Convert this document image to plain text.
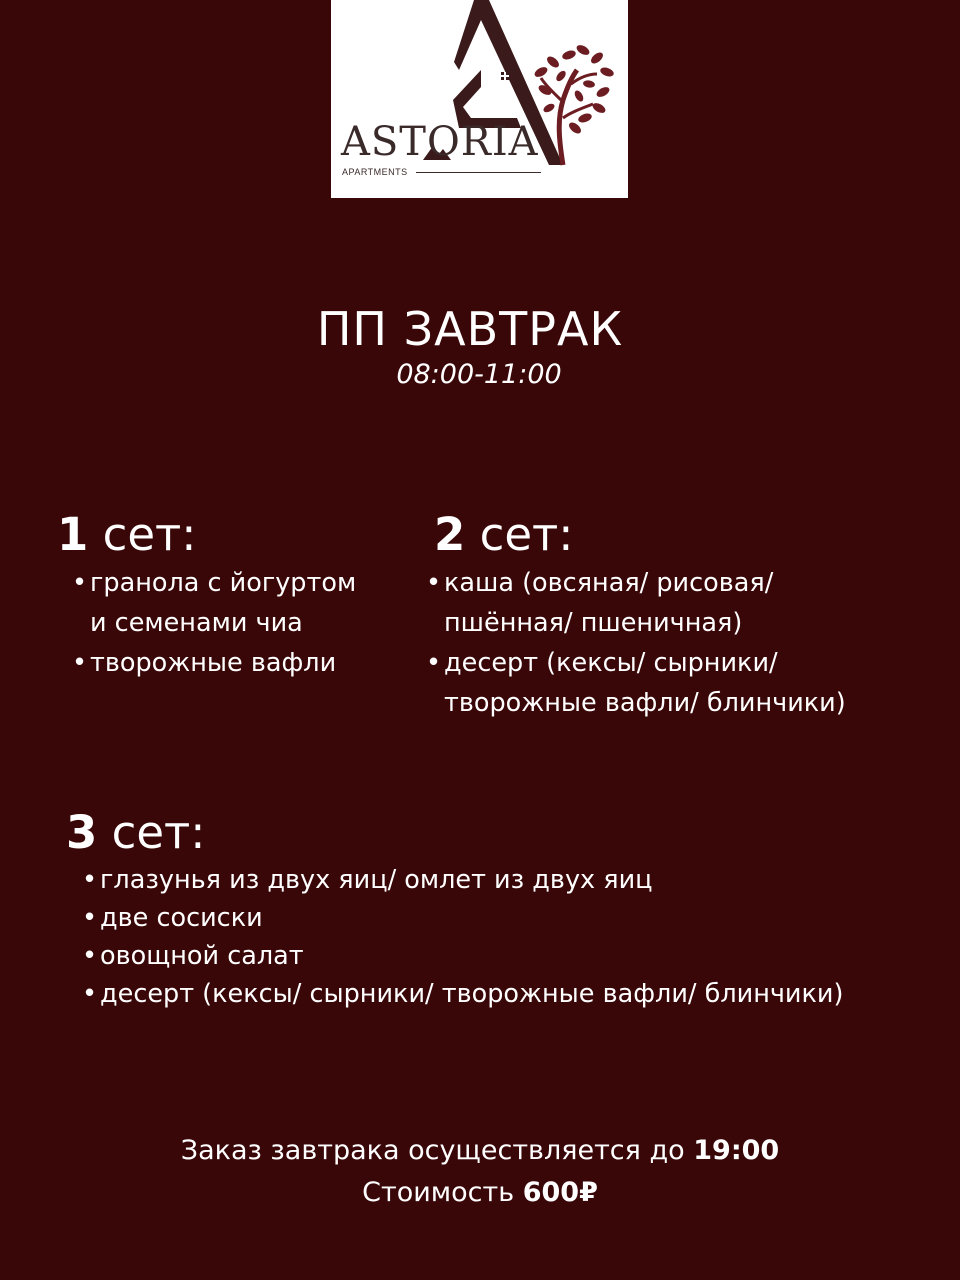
ASTORIA
APARTMENTS
ПП ЗАВТРАК
08:00-11:00
1 сет:
• гранола с йогуртом
и семенами чиа
• творожные вафли
2 сет:
• каша (овсяная/ рисовая/
пшённая/ пшеничная)
• десерт (кексы/ сырники/
творожные вафли/ блинчики)
3 сет:
• глазунья из двух яиц/ омлет из двух яиц
• две сосиски
• овощной салат
• десерт (кексы/ сырники/ творожные вафли/ блинчики)
Заказ завтрака осуществляется до 19:00
Стоимость 600₽
